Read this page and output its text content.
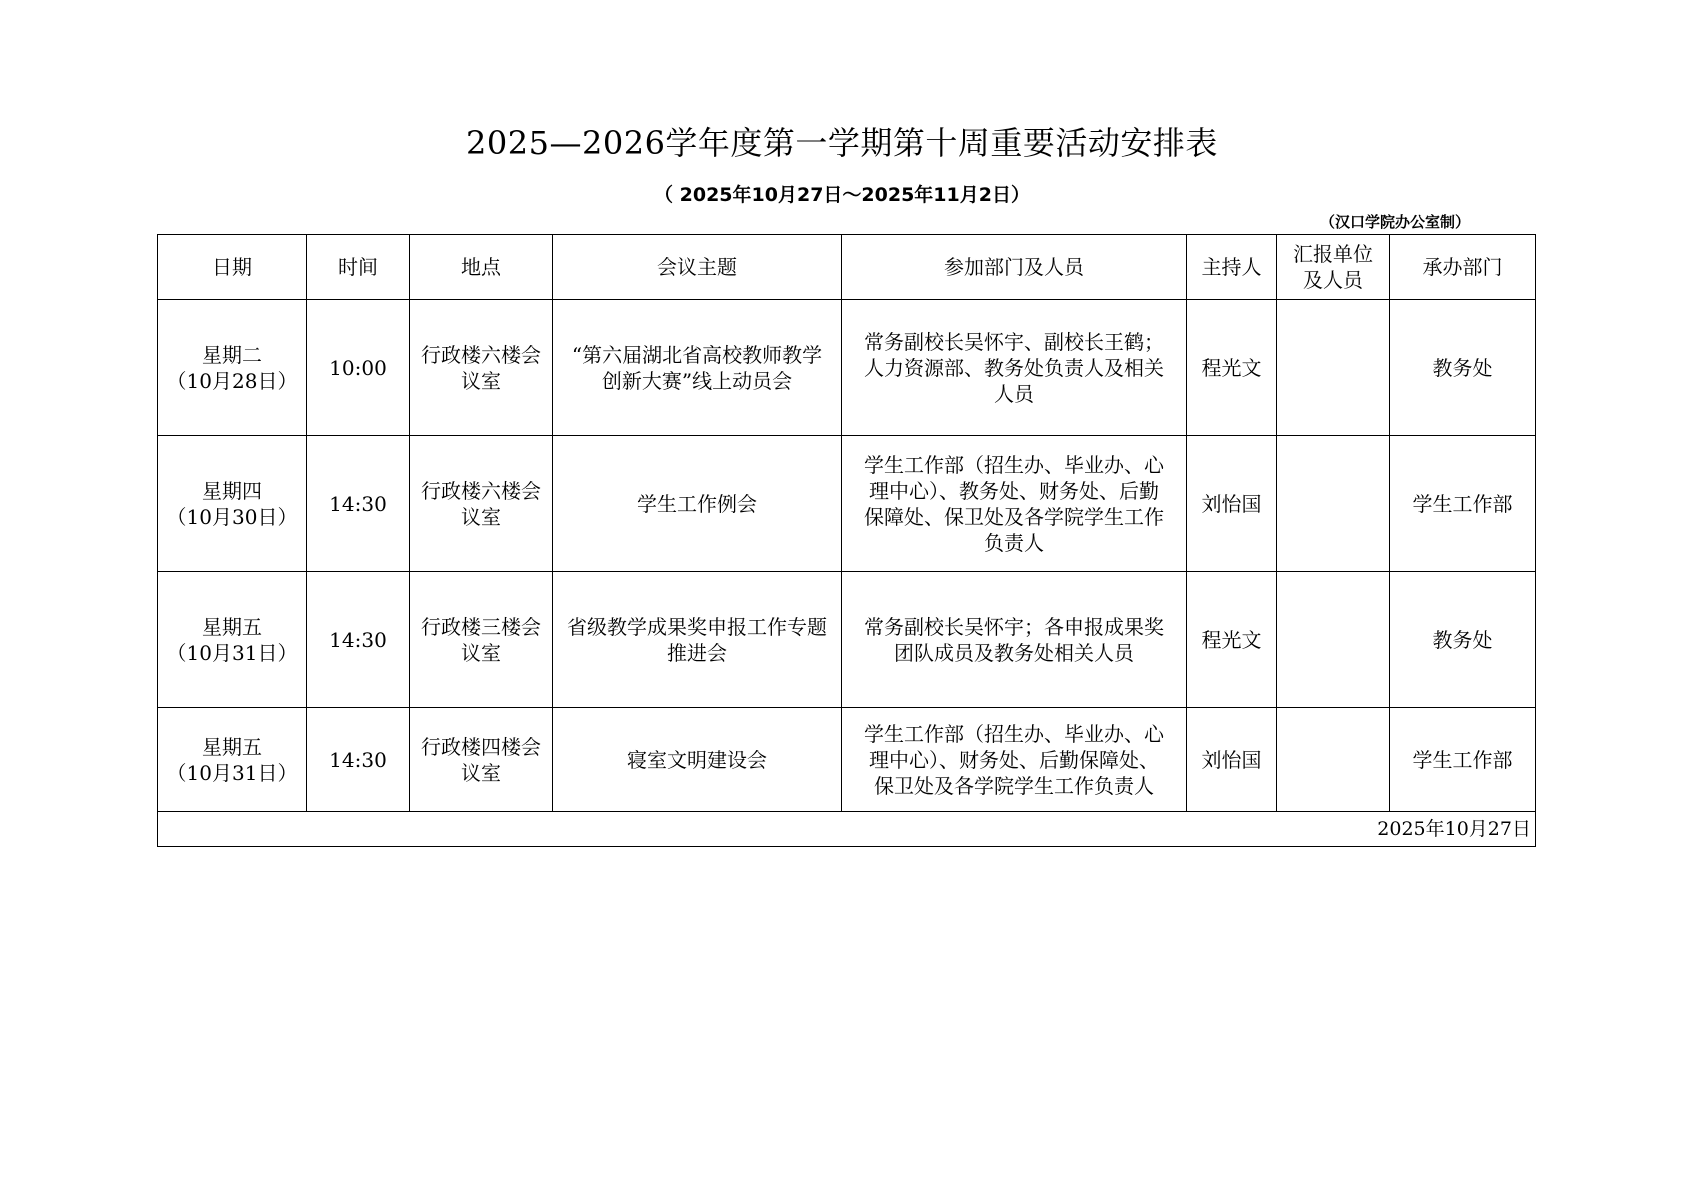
2025—2026学年度第一学期第十周重要活动安排表
（ 2025年10月27日～2025年11月2日）
（汉口学院办公室制）
日期	时间	地点	会议主题	参加部门及人员	主持人	汇报单位
及人员	承办部门

星期二
（10月28日）	10:00	行政楼六楼会
议室	“第六届湖北省高校教师教学
创新大赛”线上动员会	常务副校长吴怀宇、副校长王鹤；
人力资源部、教务处负责人及相关
人员	程光文		教务处

星期四
（10月30日）	14:30	行政楼六楼会
议室	学生工作例会	学生工作部（招生办、毕业办、心
理中心）、教务处、财务处、后勤
保障处、保卫处及各学院学生工作
负责人	刘怡国		学生工作部

星期五
（10月31日）	14:30	行政楼三楼会
议室	省级教学成果奖申报工作专题
推进会	常务副校长吴怀宇；各申报成果奖
团队成员及教务处相关人员	程光文		教务处

星期五
（10月31日）	14:30	行政楼四楼会
议室	寝室文明建设会	学生工作部（招生办、毕业办、心
理中心）、财务处、后勤保障处、
保卫处及各学院学生工作负责人	刘怡国		学生工作部
2025年10月27日							
